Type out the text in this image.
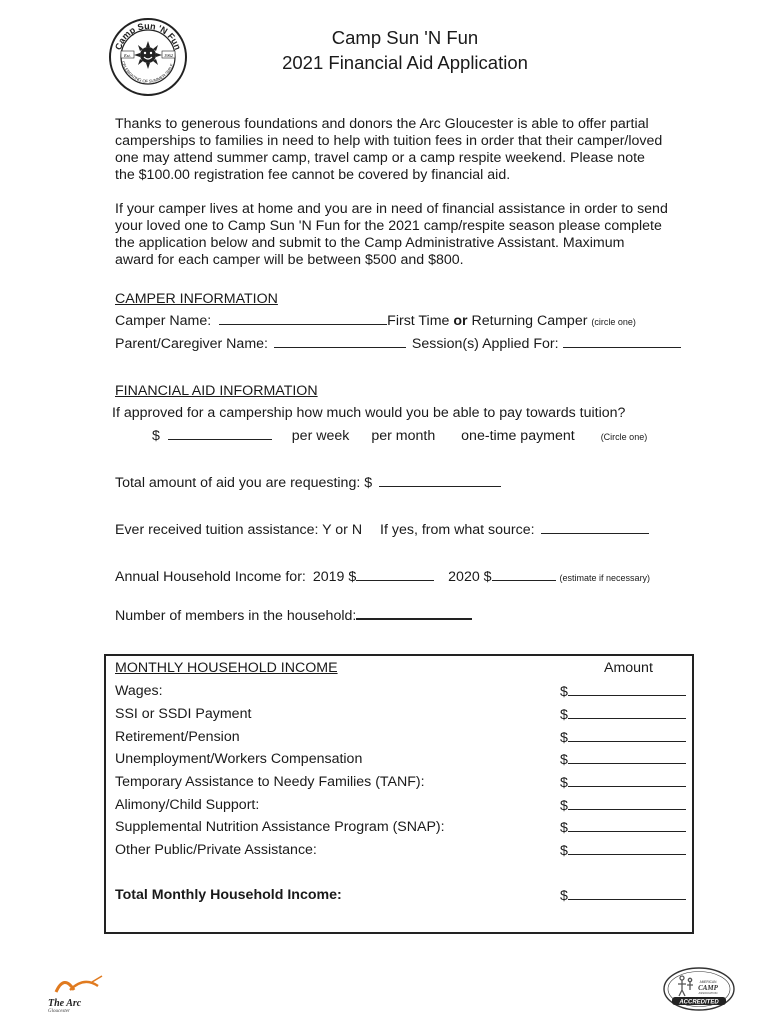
Camp Sun 'N Fun
CELEBRATING OF SUMMER SMILE
Est.	1962
Camp Sun 'N Fun
2021 Financial Aid Application
Thanks to generous foundations and donors the Arc Gloucester is able to offer partial
camperships to families in need to help with tuition fees in order that their camper/loved
one may attend summer camp, travel camp or a camp respite weekend. Please note
the $100.00 registration fee cannot be covered by financial aid.
If your camper lives at home and you are in need of financial assistance in order to send
your loved one to Camp Sun 'N Fun for the 2021 camp/respite season please complete
the application below and submit to the Camp Administrative Assistant. Maximum
award for each camper will be between $500 and $800.
CAMPER INFORMATION
Camper Name:	First Time or Returning Camper (circle one)
Parent/Caregiver Name:	Session(s) Applied For:
FINANCIAL AID INFORMATION
If approved for a campership how much would you be able to pay towards tuition?
$	per week per month one-time payment	(Circle one)
Total amount of aid you are requesting: $
Ever received tuition assistance: Y or N If yes, from what source:
Annual Household Income for: 2019 $	2020 $	(estimate if necessary)
Number of members in the household:
MONTHLY HOUSEHOLD INCOME	Amount
Wages:	$
SSI or SSDI Payment	$
Retirement/Pension	$
Unemployment/Workers Compensation	$
Temporary Assistance to Needy Families (TANF):	$
Alimony/Child Support:	$
Supplemental Nutrition Assistance Program (SNAP):	$
Other Public/Private Assistance:	$
Total Monthly Household Income:	$
The Arc
Gloucester
AMERICAN
CAMP
ASSOCIATION
ACCREDITED
